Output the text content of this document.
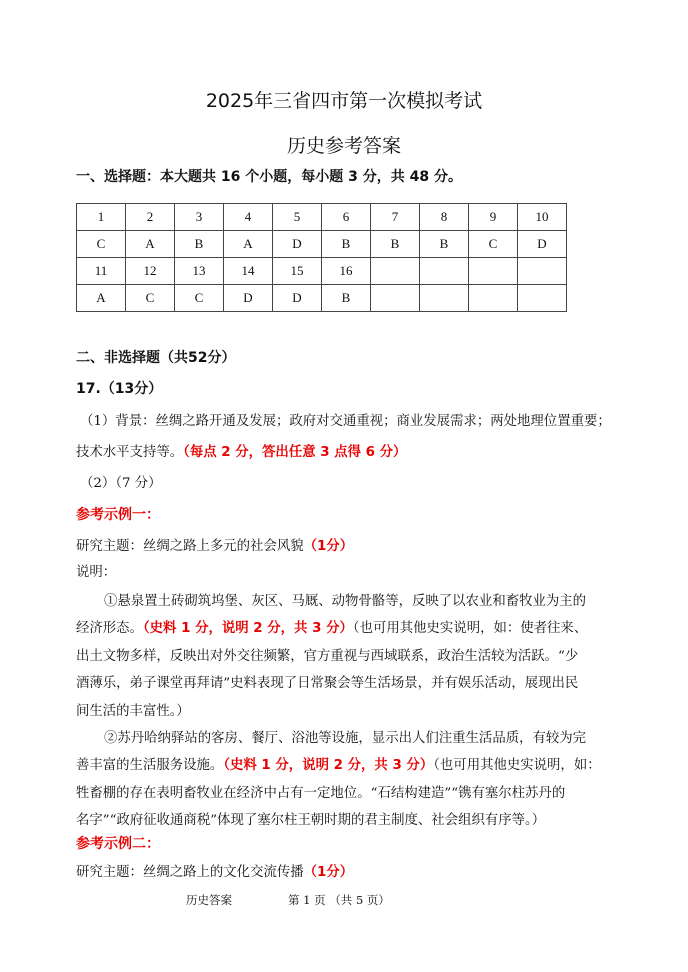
2025年三省四市第一次模拟考试
历史参考答案
一、选择题：本大题共 16 个小题，每小题 3 分，共 48 分。
1	2	3	4	5	6	7	8	9	10
C	A	B	A	D	B	B	B	C	D
11	12	13	14	15	16				
A	C	C	D	D	B				
二、非选择题（共52分）
17.（13分）
（1）背景：丝绸之路开通及发展；政府对交通重视；商业发展需求；两处地理位置重要；
技术水平支持等。（每点 2 分，答出任意 3 点得 6 分）
（2）（7 分）
参考示例一：
研究主题：丝绸之路上多元的社会风貌（1分）
说明：
①悬泉置土砖砌筑坞堡、灰区、马厩、动物骨骼等，反映了以农业和畜牧业为主的
经济形态。（史料 1 分，说明 2 分，共 3 分）（也可用其他史实说明，如：使者往来、
出土文物多样，反映出对外交往频繁，官方重视与西域联系，政治生活较为活跃。“少
酒薄乐，弟子课堂再拜请”史料表现了日常聚会等生活场景，并有娱乐活动，展现出民
间生活的丰富性。）
②苏丹哈纳驿站的客房、餐厅、浴池等设施，显示出人们注重生活品质，有较为完
善丰富的生活服务设施。（史料 1 分，说明 2 分，共 3 分）（也可用其他史实说明，如：
牲畜棚的存在表明畜牧业在经济中占有一定地位。“石结构建造”“镌有塞尔柱苏丹的
名字”“政府征收通商税”体现了塞尔柱王朝时期的君主制度、社会组织有序等。）
参考示例二：
研究主题：丝绸之路上的文化交流传播（1分）
历史答案	第 1 页 （共 5 页）
